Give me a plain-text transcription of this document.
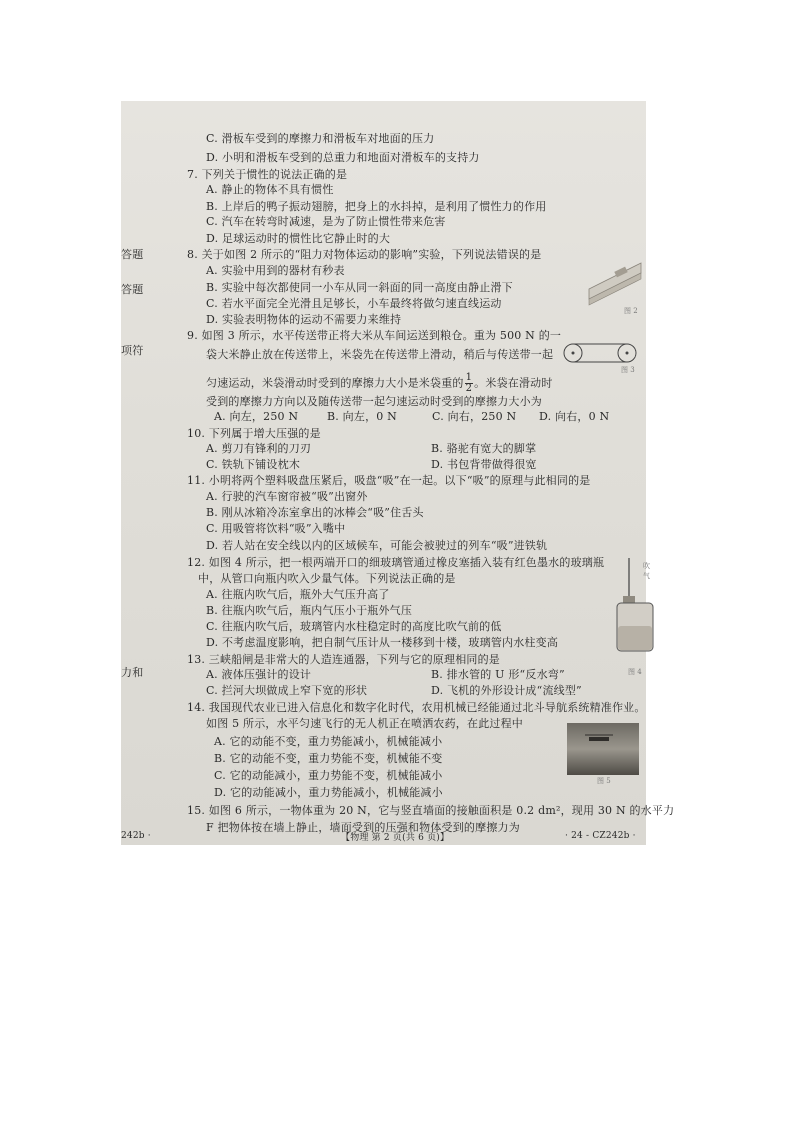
C. 滑板车受到的摩擦力和滑板车对地面的压力
D. 小明和滑板车受到的总重力和地面对滑板车的支持力
7. 下列关于惯性的说法正确的是
A. 静止的物体不具有惯性
B. 上岸后的鸭子振动翅膀，把身上的水抖掉，是利用了惯性力的作用
C. 汽车在转弯时减速，是为了防止惯性带来危害
D. 足球运动时的惯性比它静止时的大
8. 关于如图 2 所示的“阻力对物体运动的影响”实验，下列说法错误的是
A. 实验中用到的器材有秒表
B. 实验中每次都使同一小车从同一斜面的同一高度由静止滑下
C. 若水平面完全光滑且足够长，小车最终将做匀速直线运动
D. 实验表明物体的运动不需要力来维持
图 2
9. 如图 3 所示，水平传送带正将大米从车间运送到粮仓。重为 500 N 的一
袋大米静止放在传送带上，米袋先在传送带上滑动，稍后与传送带一起
匀速运动，米袋滑动时受到的摩擦力大小是米袋重的 $\frac{1}{2}$ 。米袋在滑动时
受到的摩擦力方向以及随传送带一起匀速运动时受到的摩擦力大小为
A. 向左，250 N	B. 向左，0 N	C. 向右，250 N D. 向右，0 N
图 3
10. 下列属于增大压强的是
A. 剪刀有锋利的刀刃	B. 骆驼有宽大的脚掌
C. 铁轨下铺设枕木	D. 书包背带做得很宽
11. 小明将两个塑料吸盘压紧后，吸盘“吸”在一起。以下“吸”的原理与此相同的是
A. 行驶的汽车窗帘被“吸”出窗外
B. 刚从冰箱冷冻室拿出的冰棒会“吸”住舌头
C. 用吸管将饮料“吸”入嘴中
D. 若人站在安全线以内的区域候车，可能会被驶过的列车“吸”进铁轨
12. 如图 4 所示，把一根两端开口的细玻璃管通过橡皮塞插入装有红色墨水的玻璃瓶
中，从管口向瓶内吹入少量气体。下列说法正确的是
A. 往瓶内吹气后，瓶外大气压升高了
B. 往瓶内吹气后，瓶内气压小于瓶外气压
C. 往瓶内吹气后，玻璃管内水柱稳定时的高度比吹气前的低
D. 不考虑温度影响，把自制气压计从一楼移到十楼，玻璃管内水柱变高
吹气
图 4
13. 三峡船闸是非常大的人造连通器，下列与它的原理相同的是
A. 液体压强计的设计	B. 排水管的 U 形“反水弯”
C. 拦河大坝做成上窄下宽的形状	D. 飞机的外形设计成“流线型”
14. 我国现代农业已进入信息化和数字化时代，农用机械已经能通过北斗导航系统精准作业。
如图 5 所示，水平匀速飞行的无人机正在喷洒农药，在此过程中
A. 它的动能不变，重力势能减小，机械能减小
B. 它的动能不变，重力势能不变，机械能不变
C. 它的动能减小，重力势能不变，机械能减小
D. 它的动能减小，重力势能减小，机械能减小
图 5
15. 如图 6 所示，一物体重为 20 N，它与竖直墙面的接触面积是 0.2 dm²，现用 30 N 的水平力
F 把物体按在墙上静止，墙面受到的压强和物体受到的摩擦力为
【物理 第 2 页(共 6 页)】	· 24 - CZ242b ·
答题
答题
项符
力和
242b ·
